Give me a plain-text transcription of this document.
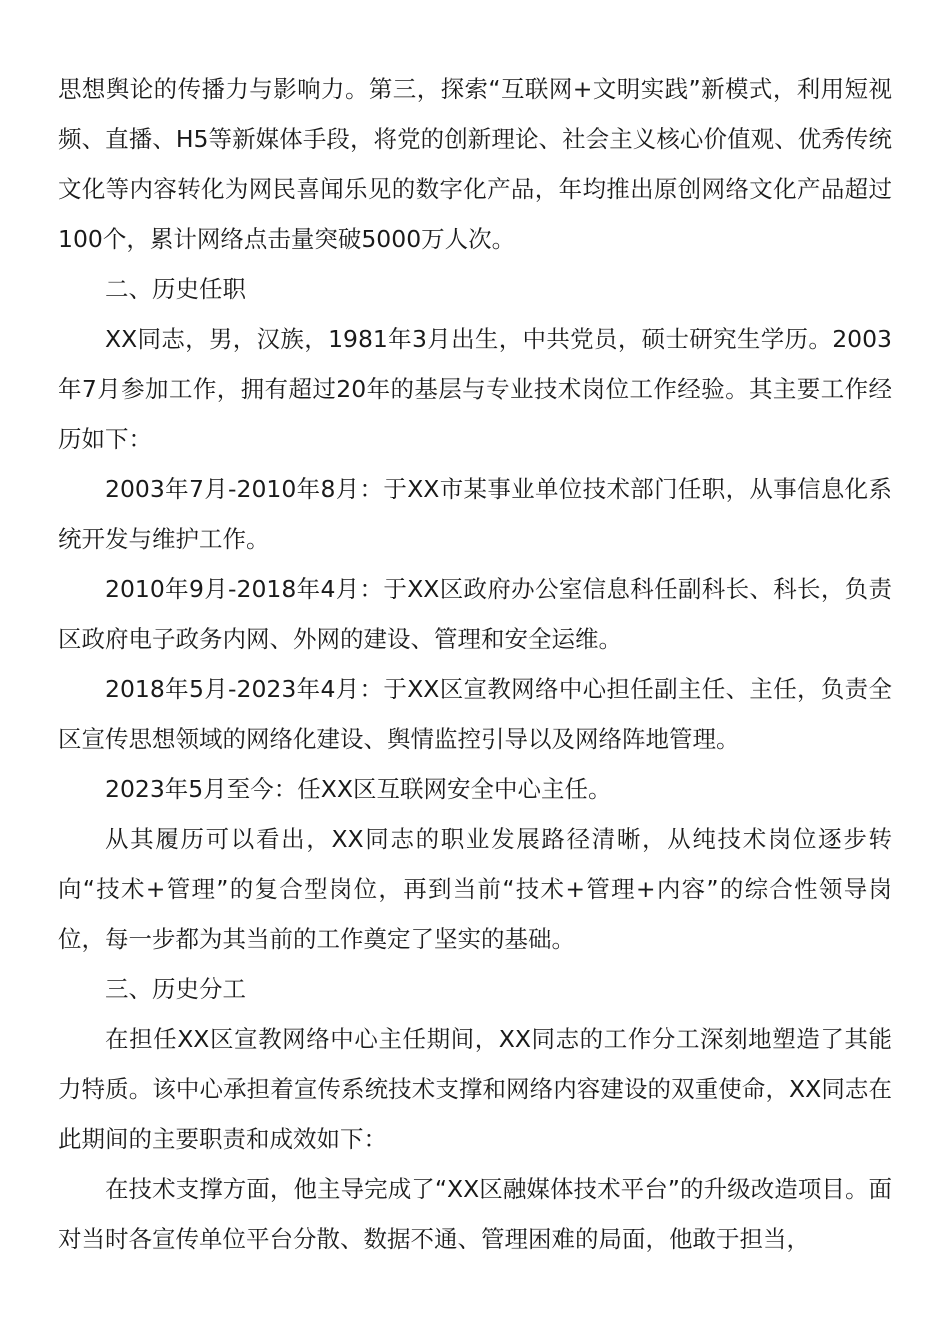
思想舆论的传播力与影响力。第三，探索“互联网+文明实践”新模式，利用短视频、直播、H5等新媒体手段，将党的创新理论、社会主义核心价值观、优秀传统文化等内容转化为网民喜闻乐见的数字化产品，年均推出原创网络文化产品超过100个，累计网络点击量突破5000万人次。

二、历史任职

XX同志，男，汉族，1981年3月出生，中共党员，硕士研究生学历。2003年7月参加工作，拥有超过20年的基层与专业技术岗位工作经验。其主要工作经历如下：

2003年7月-2010年8月：于XX市某事业单位技术部门任职，从事信息化系统开发与维护工作。

2010年9月-2018年4月：于XX区政府办公室信息科任副科长、科长，负责区政府电子政务内网、外网的建设、管理和安全运维。

2018年5月-2023年4月：于XX区宣教网络中心担任副主任、主任，负责全区宣传思想领域的网络化建设、舆情监控引导以及网络阵地管理。

2023年5月至今：任XX区互联网安全中心主任。

从其履历可以看出，XX同志的职业发展路径清晰，从纯技术岗位逐步转向“技术+管理”的复合型岗位，再到当前“技术+管理+内容”的综合性领导岗位，每一步都为其当前的工作奠定了坚实的基础。

三、历史分工

在担任XX区宣教网络中心主任期间，XX同志的工作分工深刻地塑造了其能力特质。该中心承担着宣传系统技术支撑和网络内容建设的双重使命，XX同志在此期间的主要职责和成效如下：

在技术支撑方面，他主导完成了“XX区融媒体技术平台”的升级改造项目。面对当时各宣传单位平台分散、数据不通、管理困难的局面，他敢于担当，
